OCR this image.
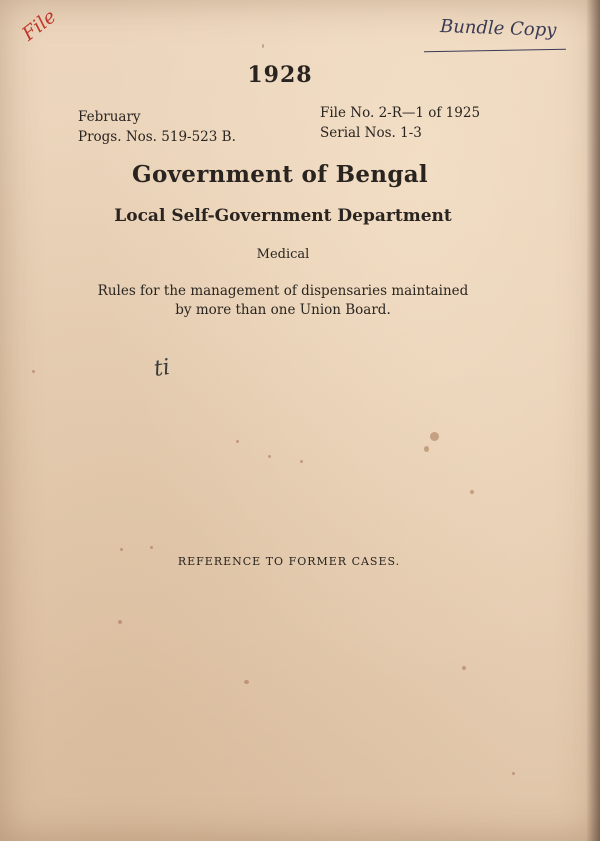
File	Bundle Copy
1928
February
Progs. Nos. 519-523 B.
File No. 2-R—1 of 1925
Serial Nos. 1-3
Government of Bengal
Local Self-Government Department
Medical
Rules for the management of dispensaries maintained
by more than one Union Board.
ti
REFERENCE TO FORMER CASES.
